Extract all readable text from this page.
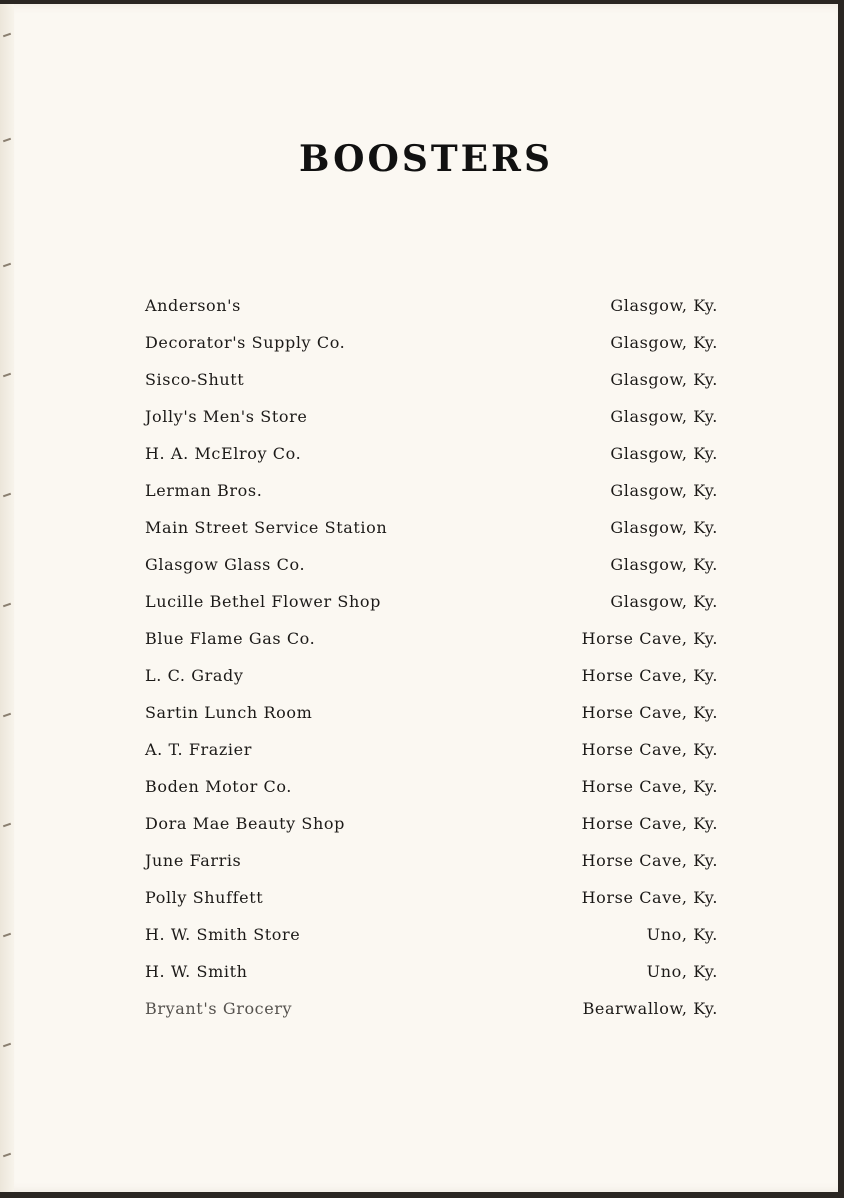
BOOSTERS
Anderson's	Glasgow, Ky.
Decorator's Supply Co.	Glasgow, Ky.
Sisco-Shutt	Glasgow, Ky.
Jolly's Men's Store	Glasgow, Ky.
H. A. McElroy Co.	Glasgow, Ky.
Lerman Bros.	Glasgow, Ky.
Main Street Service Station	Glasgow, Ky.
Glasgow Glass Co.	Glasgow, Ky.
Lucille Bethel Flower Shop	Glasgow, Ky.
Blue Flame Gas Co.	Horse Cave, Ky.
L. C. Grady	Horse Cave, Ky.
Sartin Lunch Room	Horse Cave, Ky.
A. T. Frazier	Horse Cave, Ky.
Boden Motor Co.	Horse Cave, Ky.
Dora Mae Beauty Shop	Horse Cave, Ky.
June Farris	Horse Cave, Ky.
Polly Shuffett	Horse Cave, Ky.
H. W. Smith Store	Uno, Ky.
H. W. Smith	Uno, Ky.
Bryant's Grocery	Bearwallow, Ky.
